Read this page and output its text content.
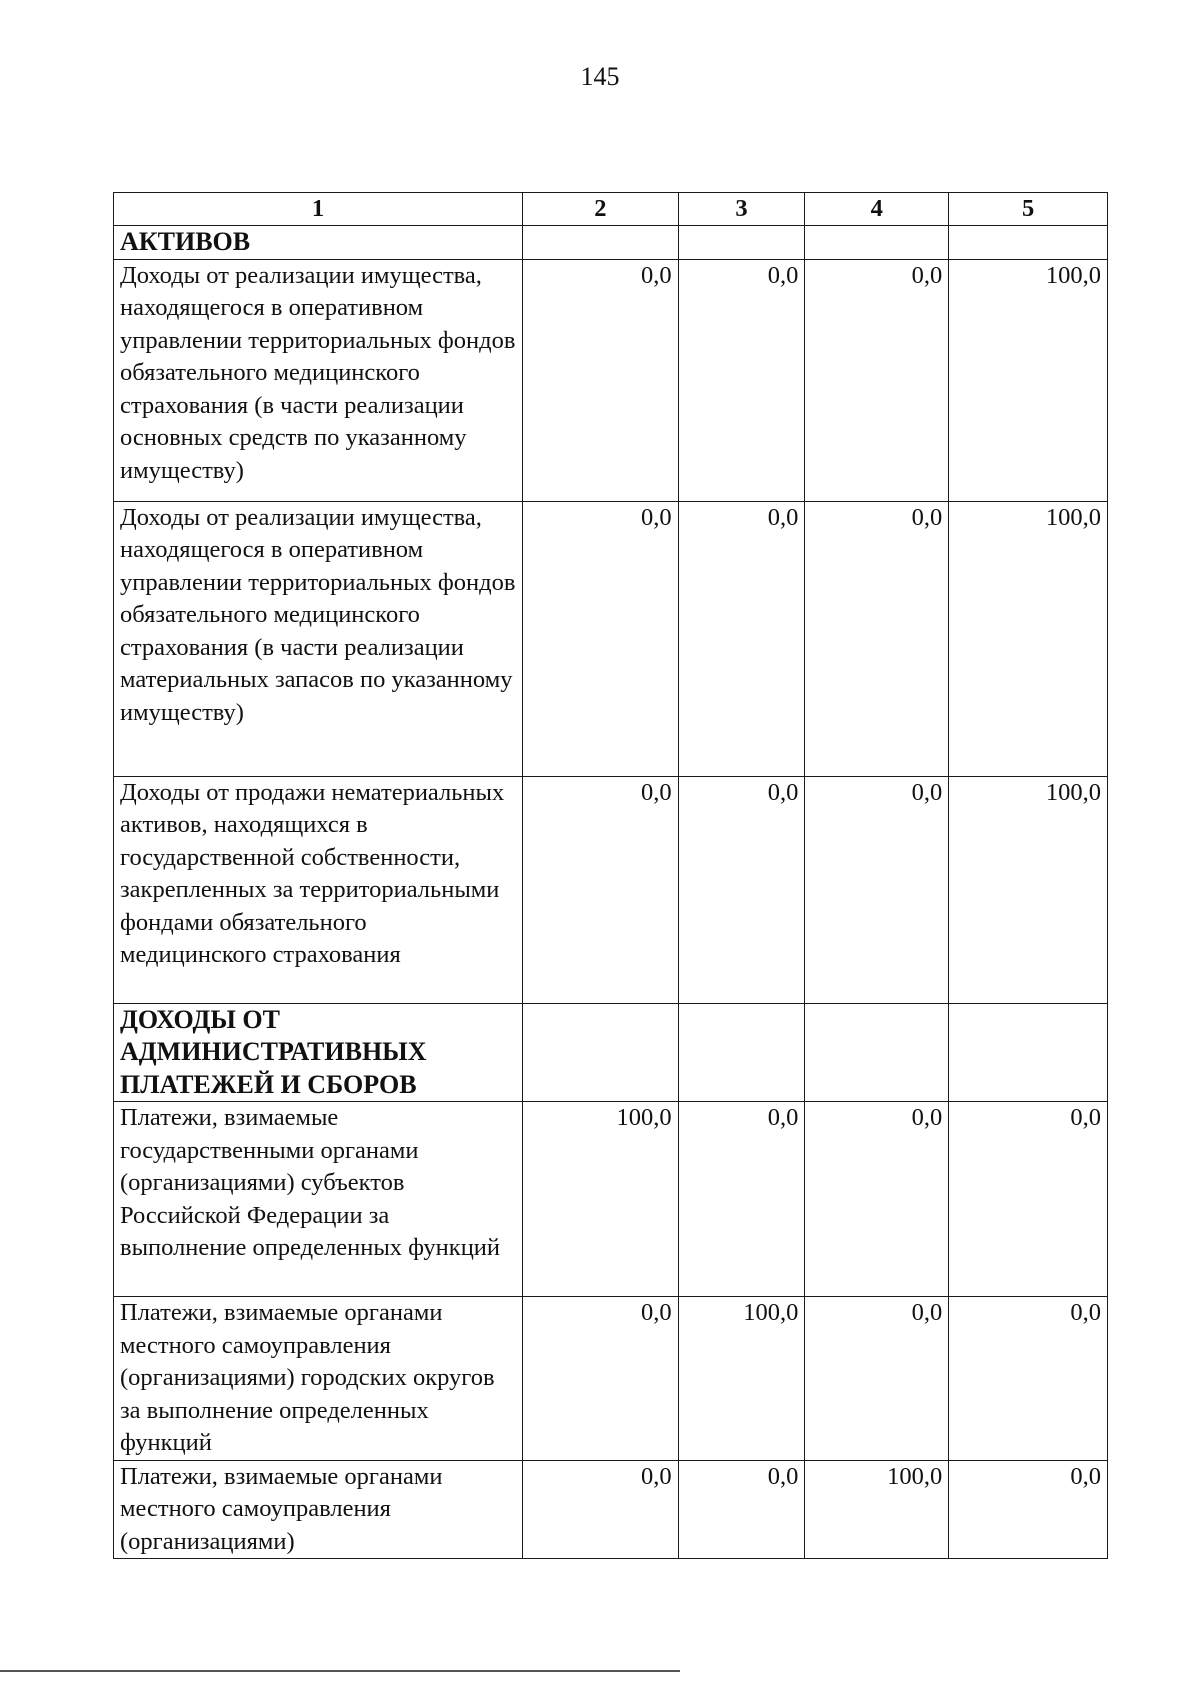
145
1	2	3	4	5
АКТИВОВ				
Доходы от реализации имущества, находящегося в оперативном управлении территориальных фондов обязательного медицинского страхования (в части реализации основных средств по указанному имуществу)	0,0	0,0	0,0	100,0
Доходы от реализации имущества, находящегося в оперативном управлении территориальных фондов обязательного медицинского страхования (в части реализации материальных запасов по указанному имуществу)	0,0	0,0	0,0	100,0
Доходы от продажи нематериальных активов, находящихся в государственной собственности, закрепленных за территориальными фондами обязательного медицинского страхования	0,0	0,0	0,0	100,0
ДОХОДЫ ОТ АДМИНИСТРАТИВНЫХ ПЛАТЕЖЕЙ И СБОРОВ				
Платежи, взимаемые государственными органами (организациями) субъектов Российской Федерации за выполнение определенных функций	100,0	0,0	0,0	0,0
Платежи, взимаемые органами местного самоуправления (организациями) городских округов за выполнение определенных функций	0,0	100,0	0,0	0,0
Платежи, взимаемые органами местного самоуправления (организациями)	0,0	0,0	100,0	0,0
